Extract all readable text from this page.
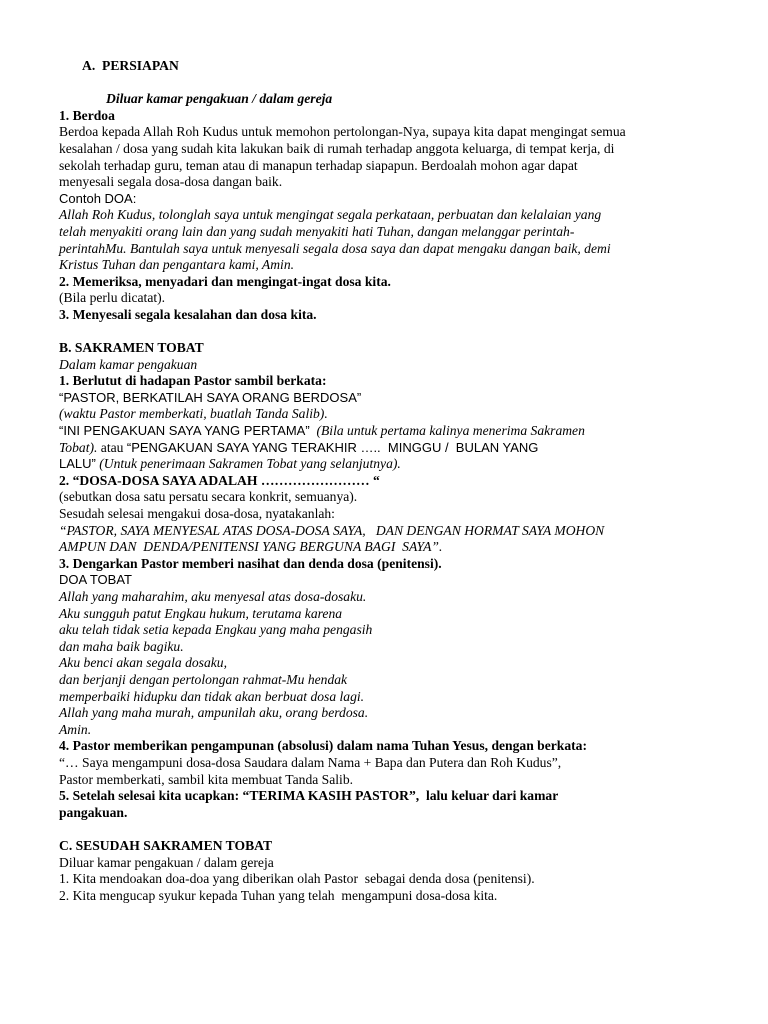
A.  PERSIAPAN

Diluar kamar pengakuan / dalam gereja

1. Berdoa

Berdoa kepada Allah Roh Kudus untuk memohon pertolongan-Nya, supaya kita dapat mengingat semua

kesalahan / dosa yang sudah kita lakukan baik di rumah terhadap anggota keluarga, di tempat kerja, di

sekolah terhadap guru, teman atau di manapun terhadap siapapun. Berdoalah mohon agar dapat

menyesali segala dosa-dosa dangan baik.

Contoh DOA:

Allah Roh Kudus, tolonglah saya untuk mengingat segala perkataan, perbuatan dan kelalaian yang

telah menyakiti orang lain dan yang sudah menyakiti hati Tuhan, dangan melanggar perintah-

perintahMu. Bantulah saya untuk menyesali segala dosa saya dan dapat mengaku dangan baik, demi

Kristus Tuhan dan pengantara kami, Amin.

2. Memeriksa, menyadari dan mengingat-ingat dosa kita.

(Bila perlu dicatat).

3. Menyesali segala kesalahan dan dosa kita.

B. SAKRAMEN TOBAT

Dalam kamar pengakuan

1. Berlutut di hadapan Pastor sambil berkata:

“PASTOR, BERKATILAH SAYA ORANG BERDOSA”

(waktu Pastor memberkati, buatlah Tanda Salib).

“INI PENGAKUAN SAYA YANG PERTAMA” (Bila untuk pertama kalinya menerima Sakramen

Tobat). atau “PENGAKUAN SAYA YANG TERAKHIR …..  MINGGU /  BULAN YANG

LALU” (Untuk penerimaan Sakramen Tobat yang selanjutnya).

2. “DOSA-DOSA SAYA ADALAH …………………… “

(sebutkan dosa satu persatu secara konkrit, semuanya).

Sesudah selesai mengakui dosa-dosa, nyatakanlah:

“PASTOR, SAYA MENYESAL ATAS DOSA-DOSA SAYA,   DAN DENGAN HORMAT SAYA MOHON

AMPUN DAN  DENDA/PENITENSI YANG BERGUNA BAGI  SAYA”.

3. Dengarkan Pastor memberi nasihat dan denda dosa (penitensi).

DOA TOBAT

Allah yang maharahim, aku menyesal atas dosa-dosaku.

Aku sungguh patut Engkau hukum, terutama karena

aku telah tidak setia kepada Engkau yang maha pengasih

dan maha baik bagiku.

Aku benci akan segala dosaku,

dan berjanji dengan pertolongan rahmat-Mu hendak

memperbaiki hidupku dan tidak akan berbuat dosa lagi.

Allah yang maha murah, ampunilah aku, orang berdosa.

Amin.

4. Pastor memberikan pengampunan (absolusi) dalam nama Tuhan Yesus, dengan berkata:

“… Saya mengampuni dosa-dosa Saudara dalam Nama + Bapa dan Putera dan Roh Kudus”,

Pastor memberkati, sambil kita membuat Tanda Salib.

5. Setelah selesai kita ucapkan: “TERIMA KASIH PASTOR”,  lalu keluar dari kamar

pangakuan.

C. SESUDAH SAKRAMEN TOBAT

Diluar kamar pengakuan / dalam gereja

1. Kita mendoakan doa-doa yang diberikan olah Pastor  sebagai denda dosa (penitensi).

2. Kita mengucap syukur kepada Tuhan yang telah  mengampuni dosa-dosa kita.
